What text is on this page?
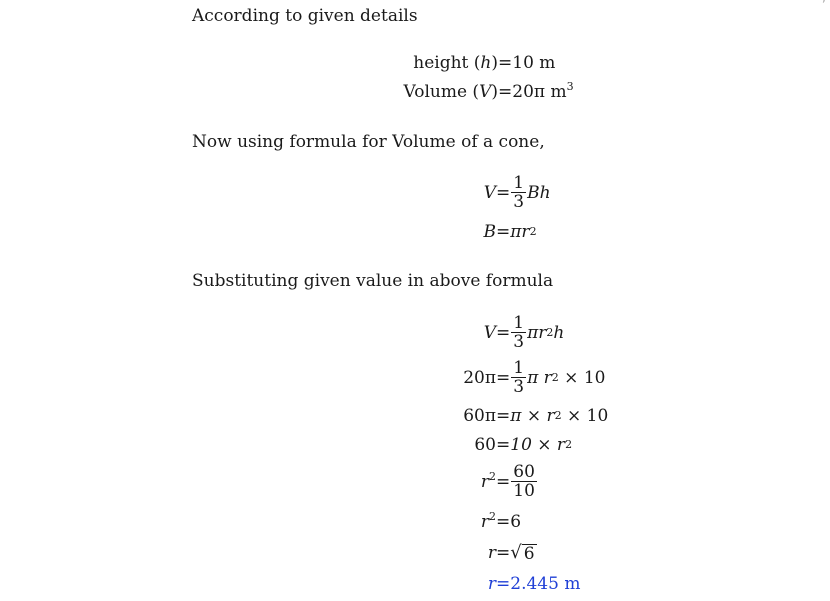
According to given details
height (h) = 10 m
Volume (V) = 20π $m^3$
Now using formula for Volume of a cone,
$V = \frac{1}{3}$ Bh
B = πr 2
Substituting given value in above formula
$V = \frac{1}{3}$ πr 2 h
$20\pi = \frac{1}{3}$ π r 2 × 10
60π = π × r 2 × 10
60 = 10 × r 2
$r^2 = \frac{60}{10}$
$r^2 = 6$
r = √ 6
r = 2.445 m
’
